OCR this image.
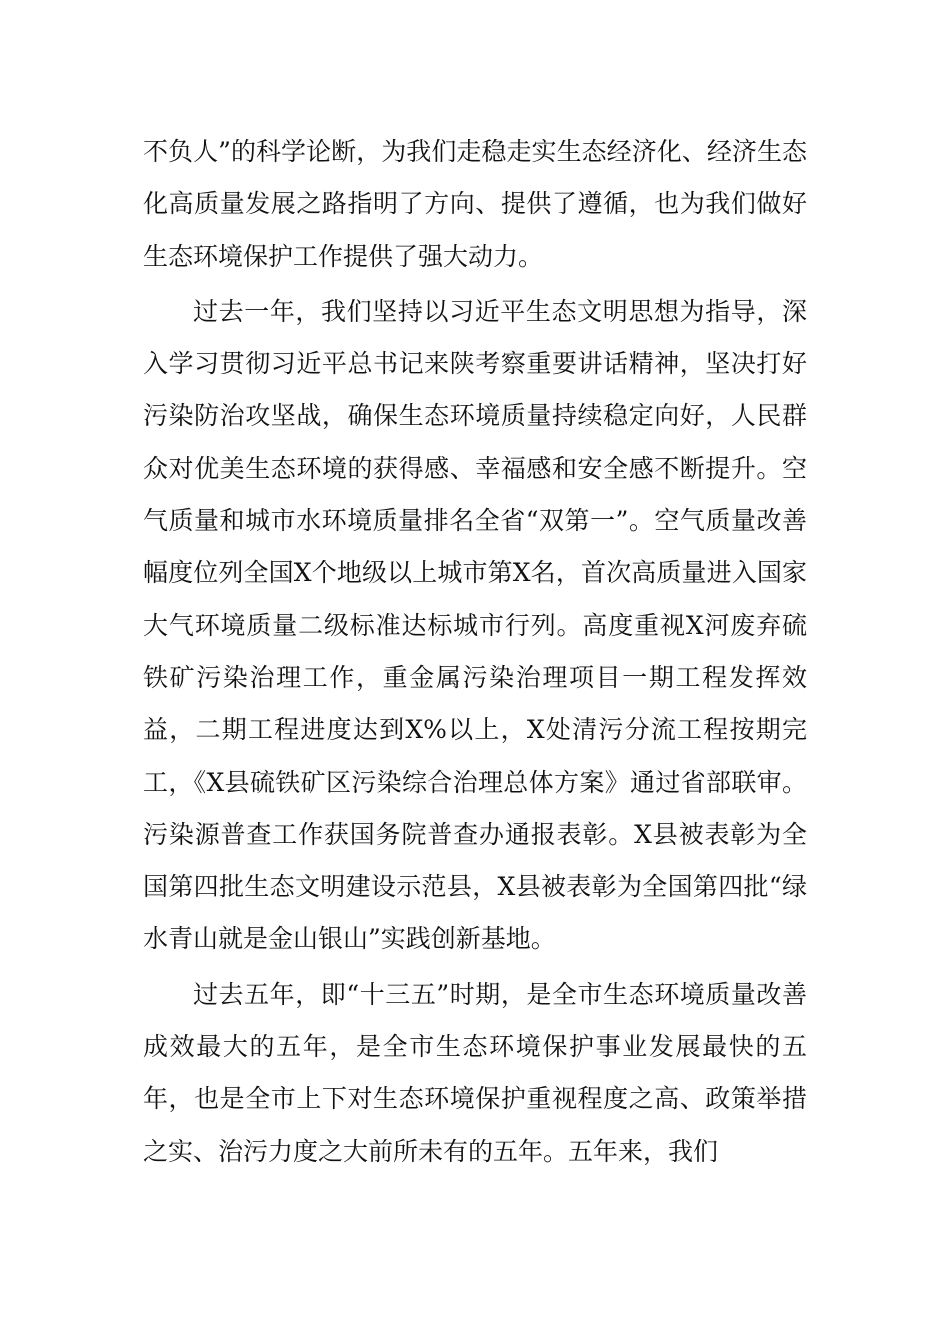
不负人”的科学论断，为我们走稳走实生态经济化、经济生态化高质量发展之路指明了方向、提供了遵循，也为我们做好生态环境保护工作提供了强大动力。

过去一年，我们坚持以习近平生态文明思想为指导，深入学习贯彻习近平总书记来陕考察重要讲话精神，坚决打好污染防治攻坚战，确保生态环境质量持续稳定向好，人民群众对优美生态环境的获得感、幸福感和安全感不断提升。空气质量和城市水环境质量排名全省“双第一”。空气质量改善幅度位列全国X个地级以上城市第X名，首次高质量进入国家大气环境质量二级标准达标城市行列。高度重视X河废弃硫铁矿污染治理工作，重金属污染治理项目一期工程发挥效益，二期工程进度达到X%以上，X处清污分流工程按期完工，《X县硫铁矿区污染综合治理总体方案》通过省部联审。污染源普查工作获国务院普查办通报表彰。X县被表彰为全国第四批生态文明建设示范县，X县被表彰为全国第四批“绿水青山就是金山银山”实践创新基地。

过去五年，即“十三五”时期，是全市生态环境质量改善成效最大的五年，是全市生态环境保护事业发展最快的五年，也是全市上下对生态环境保护重视程度之高、政策举措之实、治污力度之大前所未有的五年。五年来，我们
